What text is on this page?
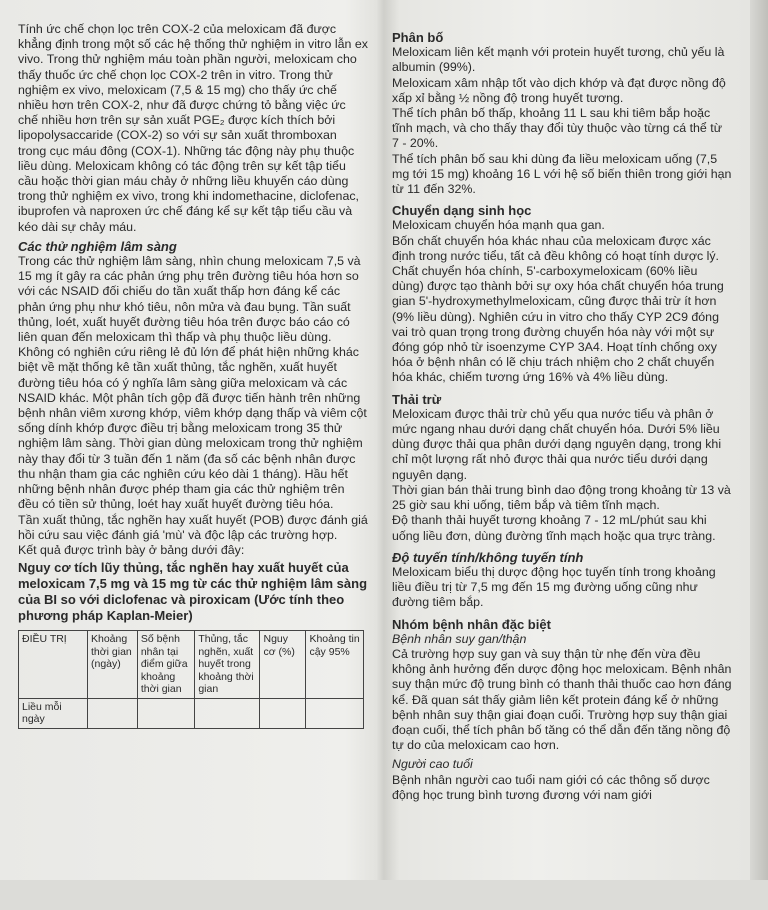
Tính ức chế chọn lọc trên COX-2 của meloxicam đã được khẳng định trong một số các hệ thống thử nghiệm in vitro lẫn ex vivo. Trong thử nghiệm máu toàn phần người, meloxicam cho thấy thuốc ức chế chọn lọc COX-2 trên in vitro. Trong thử nghiệm ex vivo, meloxicam (7,5 & 15 mg) cho thấy ức chế nhiều hơn trên COX-2, như đã được chứng tỏ bằng việc ức chế nhiều hơn trên sự sản xuất PGE₂ được kích thích bởi lipopolysaccaride (COX-2) so với sự sản xuất thromboxan trong cục máu đông (COX-1). Những tác động này phụ thuộc liều dùng. Meloxicam không có tác động trên sự kết tập tiểu cầu hoặc thời gian máu chảy ở những liều khuyến cáo dùng trong thử nghiệm ex vivo, trong khi indomethacine, diclofenac, ibuprofen và naproxen ức chế đáng kể sự kết tập tiểu cầu và kéo dài sự chảy máu.

Các thử nghiệm lâm sàng

Trong các thử nghiệm lâm sàng, nhìn chung meloxicam 7,5 và 15 mg ít gây ra các phản ứng phụ trên đường tiêu hóa hơn so với các NSAID đối chiếu do tần xuất thấp hơn đáng kể các phản ứng phụ như khó tiêu, nôn mửa và đau bụng. Tần suất thủng, loét, xuất huyết đường tiêu hóa trên được báo cáo có liên quan đến meloxicam thì thấp và phụ thuộc liều dùng.

Không có nghiên cứu riêng lẻ đủ lớn để phát hiện những khác biệt về mặt thống kê tần xuất thủng, tắc nghẽn, xuất huyết đường tiêu hóa có ý nghĩa lâm sàng giữa meloxicam và các NSAID khác. Một phân tích gộp đã được tiến hành trên những bệnh nhân viêm xương khớp, viêm khớp dạng thấp và viêm cột sống dính khớp được điều trị bằng meloxicam trong 35 thử nghiệm lâm sàng. Thời gian dùng meloxicam trong thử nghiệm này thay đổi từ 3 tuần đến 1 năm (đa số các bệnh nhân được thu nhận tham gia các nghiên cứu kéo dài 1 tháng). Hầu hết những bệnh nhân được phép tham gia các thử nghiệm trên đều có tiền sử thủng, loét hay xuất huyết đường tiêu hóa.

Tần xuất thủng, tắc nghẽn hay xuất huyết (POB) được đánh giá hồi cứu sau việc đánh giá 'mù' và độc lập các trường hợp.

Kết quả được trình bày ở bảng dưới đây:

Nguy cơ tích lũy thủng, tắc nghẽn hay xuất huyết của meloxicam 7,5 mg và 15 mg từ các thử nghiệm lâm sàng của BI so với diclofenac và piroxicam (Ước tính theo phương pháp Kaplan-Meier)

ĐIỀU TRỊ	Khoảng thời gian (ngày)	Số bệnh nhân tại điểm giữa khoảng thời gian	Thủng, tắc nghẽn, xuất huyết trong khoảng thời gian	Nguy cơ (%)	Khoảng tin cậy 95%
Liều mỗi ngày					

Phân bố

Meloxicam liên kết mạnh với protein huyết tương, chủ yếu là albumin (99%).

Meloxicam xâm nhập tốt vào dịch khớp và đạt được nồng độ xấp xỉ bằng ½ nồng độ trong huyết tương.

Thể tích phân bố thấp, khoảng 11 L sau khi tiêm bắp hoặc tĩnh mạch, và cho thấy thay đổi tùy thuộc vào từng cá thể từ 7 - 20%.

Thể tích phân bố sau khi dùng đa liều meloxicam uống (7,5 mg tới 15 mg) khoảng 16 L với hệ số biến thiên trong giới hạn từ 11 đến 32%.

Chuyển dạng sinh học

Meloxicam chuyển hóa mạnh qua gan.

Bốn chất chuyển hóa khác nhau của meloxicam được xác định trong nước tiểu, tất cả đều không có hoạt tính dược lý.

Chất chuyển hóa chính, 5'-carboxymeloxicam (60% liều dùng) được tạo thành bởi sự oxy hóa chất chuyển hóa trung gian 5'-hydroxymethylmeloxicam, cũng được thải trừ ít hơn (9% liều dùng). Nghiên cứu in vitro cho thấy CYP 2C9 đóng vai trò quan trọng trong đường chuyển hóa này với một sự đóng góp nhỏ từ isoenzyme CYP 3A4. Hoạt tính chống oxy hóa ở bệnh nhân có lẽ chịu trách nhiệm cho 2 chất chuyển hóa khác, chiếm tương ứng 16% và 4% liều dùng.

Thải trừ

Meloxicam được thải trừ chủ yếu qua nước tiểu và phân ở mức ngang nhau dưới dạng chất chuyển hóa. Dưới 5% liều dùng được thải qua phân dưới dạng nguyên dạng, trong khi chỉ một lượng rất nhỏ được thải qua nước tiểu dưới dạng nguyên dạng.

Thời gian bán thải trung bình dao động trong khoảng từ 13 và 25 giờ sau khi uống, tiêm bắp và tiêm tĩnh mạch.

Độ thanh thải huyết tương khoảng 7 - 12 mL/phút sau khi uống liều đơn, dùng đường tĩnh mạch hoặc qua trực tràng.

Độ tuyến tính/không tuyến tính

Meloxicam biểu thị dược động học tuyến tính trong khoảng liều điều trị từ 7,5 mg đến 15 mg đường uống cũng như đường tiêm bắp.

Nhóm bệnh nhân đặc biệt

Bệnh nhân suy gan/thận

Cả trường hợp suy gan và suy thận từ nhẹ đến vừa đều không ảnh hưởng đến dược động học meloxicam. Bệnh nhân suy thận mức độ trung bình có thanh thải thuốc cao hơn đáng kể. Đã quan sát thấy giảm liên kết protein đáng kể ở những bệnh nhân suy thận giai đoạn cuối. Trường hợp suy thận giai đoạn cuối, thể tích phân bố tăng có thể dẫn đến tăng nồng độ tự do của meloxicam cao hơn.

Người cao tuổi

Bệnh nhân người cao tuổi nam giới có các thông số dược động học trung bình tương đương với nam giới
